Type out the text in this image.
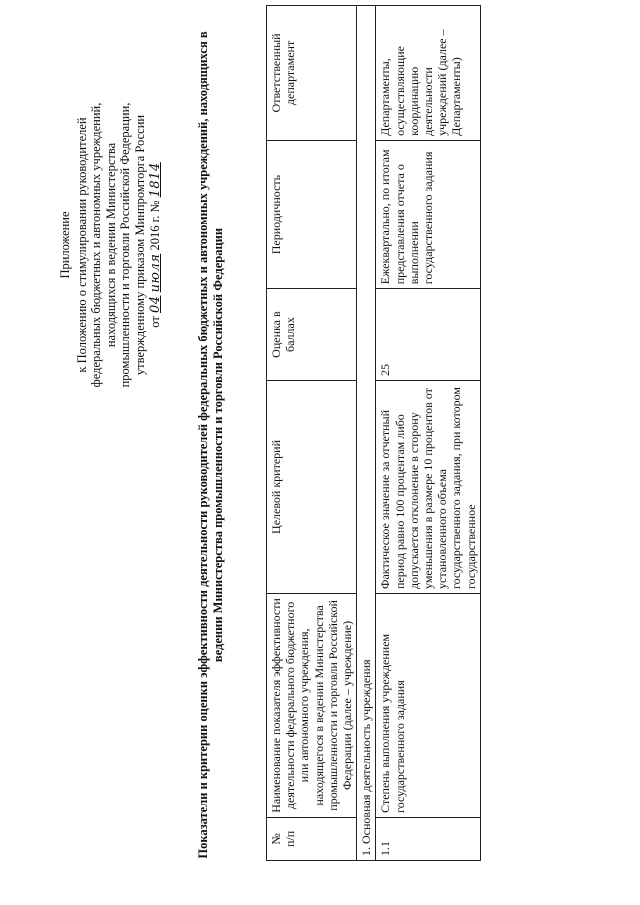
Приложение к Положению о стимулировании руководителей федеральных бюджетных и автономных учреждений, находящихся в ведении Министерства промышленности и торговли Российской Федерации, утвержденному приказом Минпромторга России от 04 июля 2016 г. № 1814	Показатели и критерии оценки эффективности деятельности руководителей федеральных бюджетных и автономных учреждений, находящихся в ведении Министерства промышленности и торговли Российской Федерации
№
п/п	Наименование показателя эффективности деятельности федерального бюджетного или автономного учреждения, находящегося в ведении Министерства промышленности и торговли Российской Федерации (далее – учреждение)	Целевой критерий	Оценка в баллах	Периодичность	Ответственный департамент
1. Основная деятельность учреждения					
1.1	Степень выполнения учреждением государственного задания	Фактическое значение за отчетный период равно 100 процентам либо допускается отклонение в сторону уменьшения в размере 10 процентов от установленного объема государственного задания, при котором государственное	25	Ежеквартально, по итогам представления отчета о выполнении государственного задания	Департаменты, осуществляющие координацию деятельности учреждений (далее – Департаменты)
